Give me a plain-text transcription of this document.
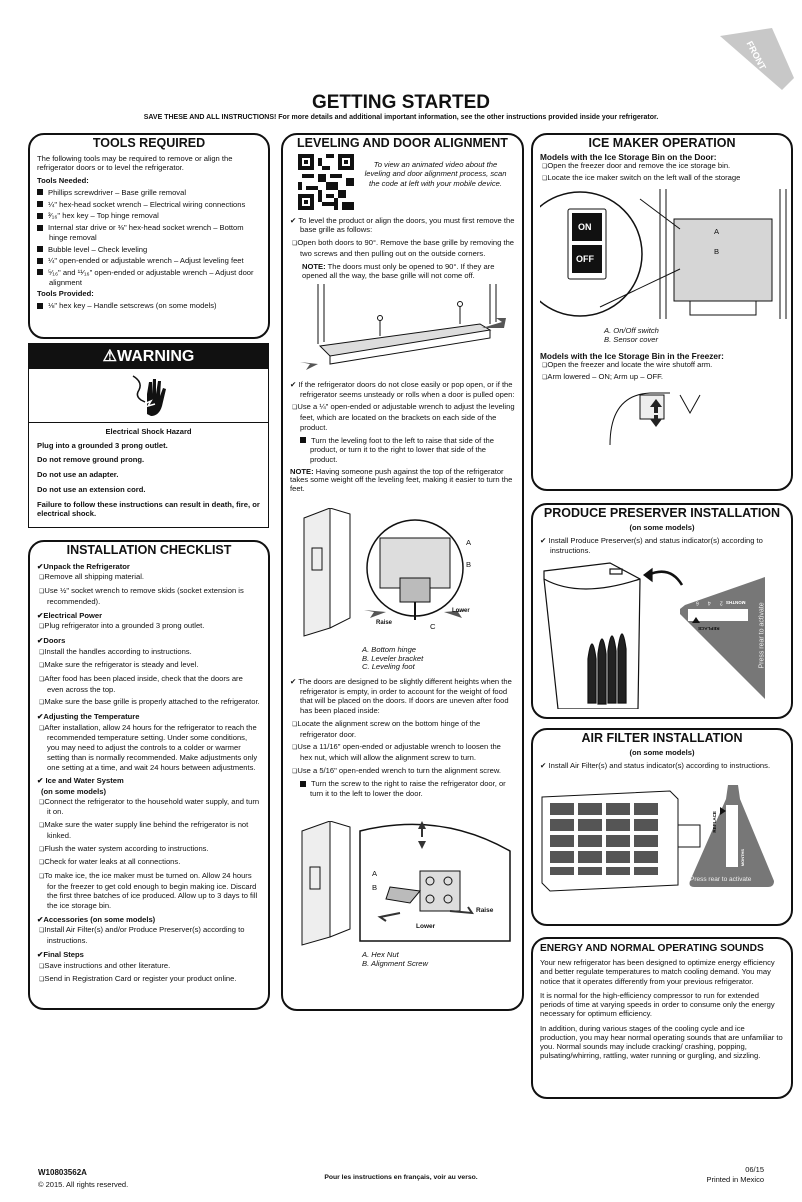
FRONT
GETTING STARTED
SAVE THESE AND ALL INSTRUCTIONS! For more details and additional important information, see the other instructions provided inside your refrigerator.
TOOLS REQUIRED

The following tools may be required to remove or align the refrigerator doors or to level the refrigerator.

Tools Needed:
Phillips screwdriver – Base grille removal
¼" hex-head socket wrench – Electrical wiring connections
³⁄₁₆" hex key – Top hinge removal
Internal star drive or ⅜" hex-head socket wrench – Bottom hinge removal
Bubble level – Check leveling
¼" open-ended or adjustable wrench – Adjust leveling feet
⁵⁄₁₆" and ¹¹⁄₁₆" open-ended or adjustable wrench – Adjust door alignment
Tools Provided:
⅛" hex key – Handle setscrews (on some models)
⚠WARNING
Electrical Shock Hazard
Plug into a grounded 3 prong outlet.
Do not remove ground prong.
Do not use an adapter.
Do not use an extension cord.
Failure to follow these instructions can result in death, fire, or electrical shock.
INSTALLATION CHECKLIST
✔ Unpack the Refrigerator
❏ Remove all shipping material.
❏ Use ½" socket wrench to remove skids (socket extension is recommended).
✔ Electrical Power
❏ Plug refrigerator into a grounded 3 prong outlet.
✔ Doors
❏ Install the handles according to instructions.
❏ Make sure the refrigerator is steady and level.
❏ After food has been placed inside, check that the doors are even across the top.
❏ Make sure the base grille is properly attached to the refrigerator.
✔ Adjusting the Temperature
❏ After installation, allow 24 hours for the refrigerator to reach the recommended temperature setting. Under some conditions, you may need to adjust the controls to a colder or warmer setting than is normally recommended. Make adjustments only one setting at a time, and wait 24 hours between adjustments.
✔ Ice and Water System
(on some models)
❏ Connect the refrigerator to the household water supply, and turn it on.
❏ Make sure the water supply line behind the refrigerator is not kinked.
❏ Flush the water system according to instructions.
❏ Check for water leaks at all connections.
❏ To make ice, the ice maker must be turned on. Allow 24 hours for the freezer to get cold enough to begin making ice. Discard the first three batches of ice produced. Allow up to 3 days to fill the ice storage bin.
✔ Accessories (on some models)
❏ Install Air Filter(s) and/or Produce Preserver(s) according to instructions.
✔ Final Steps
❏ Save instructions and other literature.
❏ Send in Registration Card or register your product online.
LEVELING AND DOOR ALIGNMENT
To view an animated video about the leveling and door alignment process, scan the code at left with your mobile device.
✔ To level the product or align the doors, you must first remove the base grille as follows:
❏ Open both doors to 90°. Remove the base grille by removing the two screws and then pulling out on the outside corners.

NOTE: The doors must only be opened to 90°. If they are opened all the way, the base grille will not come off.

✔ If the refrigerator doors do not close easily or pop open, or if the refrigerator seems unsteady or rolls when a door is pulled open:
❏ Use a ¼" open-ended or adjustable wrench to adjust the leveling feet, which are located on the brackets on each side of the product.
Turn the leveling foot to the left to raise that side of the product, or turn it to the right to lower that side of the product.

NOTE: Having someone push against the top of the refrigerator takes some weight off the leveling feet, making it easier to turn the feet.

A
B
C
Raise
Lower
A. Bottom hinge
B. Leveler bracket
C. Leveling foot
✔ The doors are designed to be slightly different heights when the refrigerator is empty, in order to account for the weight of food that will be placed on the doors. If doors are uneven after food has been placed inside:
❏ Locate the alignment screw on the bottom hinge of the refrigerator door.
❏ Use a 11/16" open-ended or adjustable wrench to loosen the hex nut, which will allow the alignment screw to turn.
❏ Use a 5/16" open-ended wrench to turn the alignment screw.
Turn the screw to the right to raise the refrigerator door, or turn it to the left to lower the door.
A
B
Raise
Lower
A. Hex Nut
B. Alignment Screw
ICE MAKER OPERATION
Models with the Ice Storage Bin on the Door:
❏ Open the freezer door and remove the ice storage bin.
❏ Locate the ice maker switch on the left wall of the storage
ON
OFF
A
B
A. On/Off switch
B. Sensor cover
Models with the Ice Storage Bin in the Freezer:
❏ Open the freezer and locate the wire shutoff arm.
❏ Arm lowered – ON; Arm up – OFF.
PRODUCE PRESERVER INSTALLATION
(on some models)
✔ Install Produce Preserver(s) and status indicator(s) according to instructions.
MONTHS
2
4
6
REPLACE	Press rear to activate
AIR FILTER INSTALLATION
(on some models)
✔ Install Air Filter(s) and status indicator(s) according to instructions.
REPLACE
MONTHS
Press rear to activate
ENERGY AND NORMAL OPERATING SOUNDS
Your new refrigerator has been designed to optimize energy efficiency and better regulate temperatures to match cooling demand. You may notice that it operates differently from your previous refrigerator.
It is normal for the high-efficiency compressor to run for extended periods of time at varying speeds in order to consume only the energy necessary for optimum efficiency.
In addition, during various stages of the cooling cycle and ice production, you may hear normal operating sounds that are unfamiliar to you. Normal sounds may include cracking/ crashing, popping, pulsating/whirring, rattling, water running or gurgling, and sizzling.
W10803562A
© 2015. All rights reserved.
Pour les instructions en français, voir au verso.
06/15
Printed in Mexico
